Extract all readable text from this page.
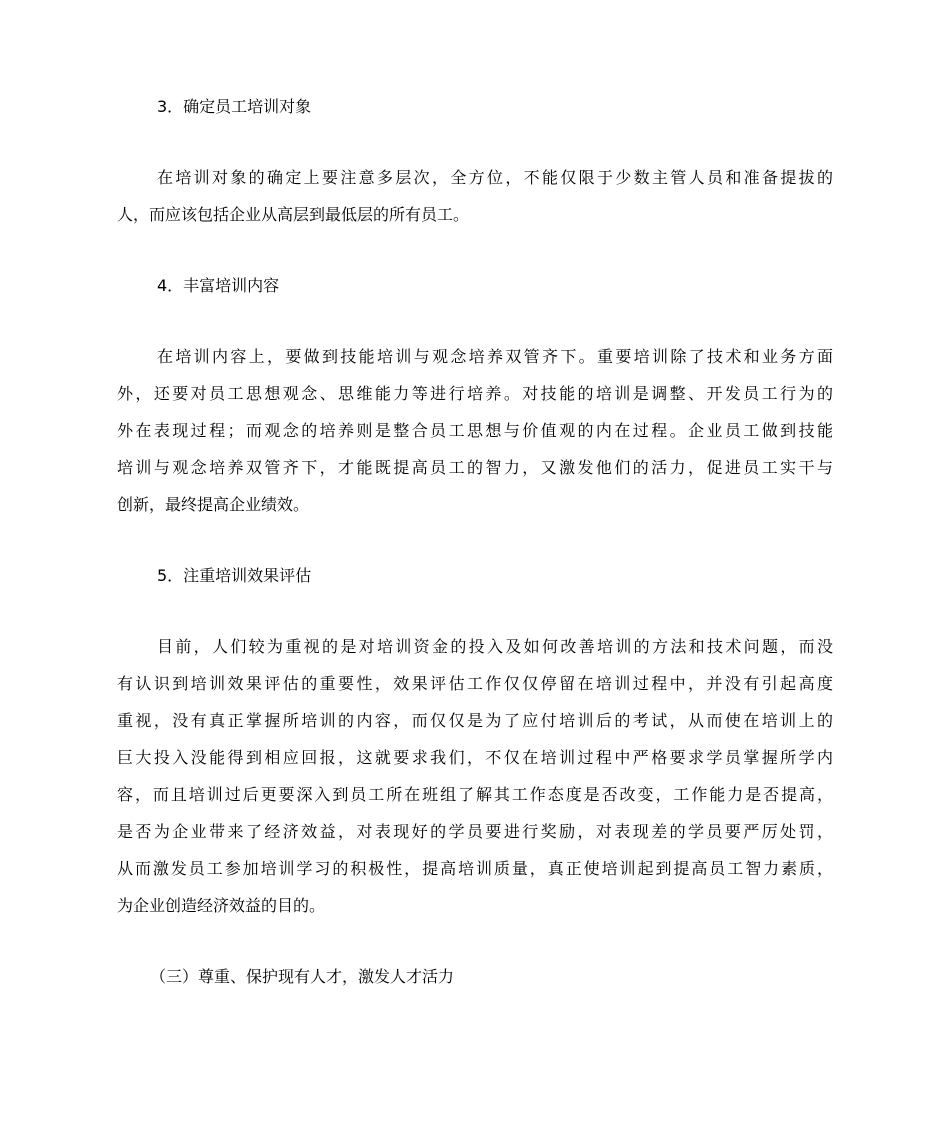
3．确定员工培训对象
在培训对象的确定上要注意多层次，全方位，不能仅限于少数主管人员和准备提拔的
人，而应该包括企业从高层到最低层的所有员工。
4．丰富培训内容
在培训内容上，要做到技能培训与观念培养双管齐下。重要培训除了技术和业务方面
外，还要对员工思想观念、思维能力等进行培养。对技能的培训是调整、开发员工行为的
外在表现过程；而观念的培养则是整合员工思想与价值观的内在过程。企业员工做到技能
培训与观念培养双管齐下，才能既提高员工的智力，又激发他们的活力，促进员工实干与
创新，最终提高企业绩效。
5．注重培训效果评估
目前，人们较为重视的是对培训资金的投入及如何改善培训的方法和技术问题，而没
有认识到培训效果评估的重要性，效果评估工作仅仅停留在培训过程中，并没有引起高度
重视，没有真正掌握所培训的内容，而仅仅是为了应付培训后的考试，从而使在培训上的
巨大投入没能得到相应回报，这就要求我们，不仅在培训过程中严格要求学员掌握所学内
容，而且培训过后更要深入到员工所在班组了解其工作态度是否改变，工作能力是否提高，
是否为企业带来了经济效益，对表现好的学员要进行奖励，对表现差的学员要严厉处罚，
从而激发员工参加培训学习的积极性，提高培训质量，真正使培训起到提高员工智力素质，
为企业创造经济效益的目的。
（三）尊重、保护现有人才，激发人才活力
